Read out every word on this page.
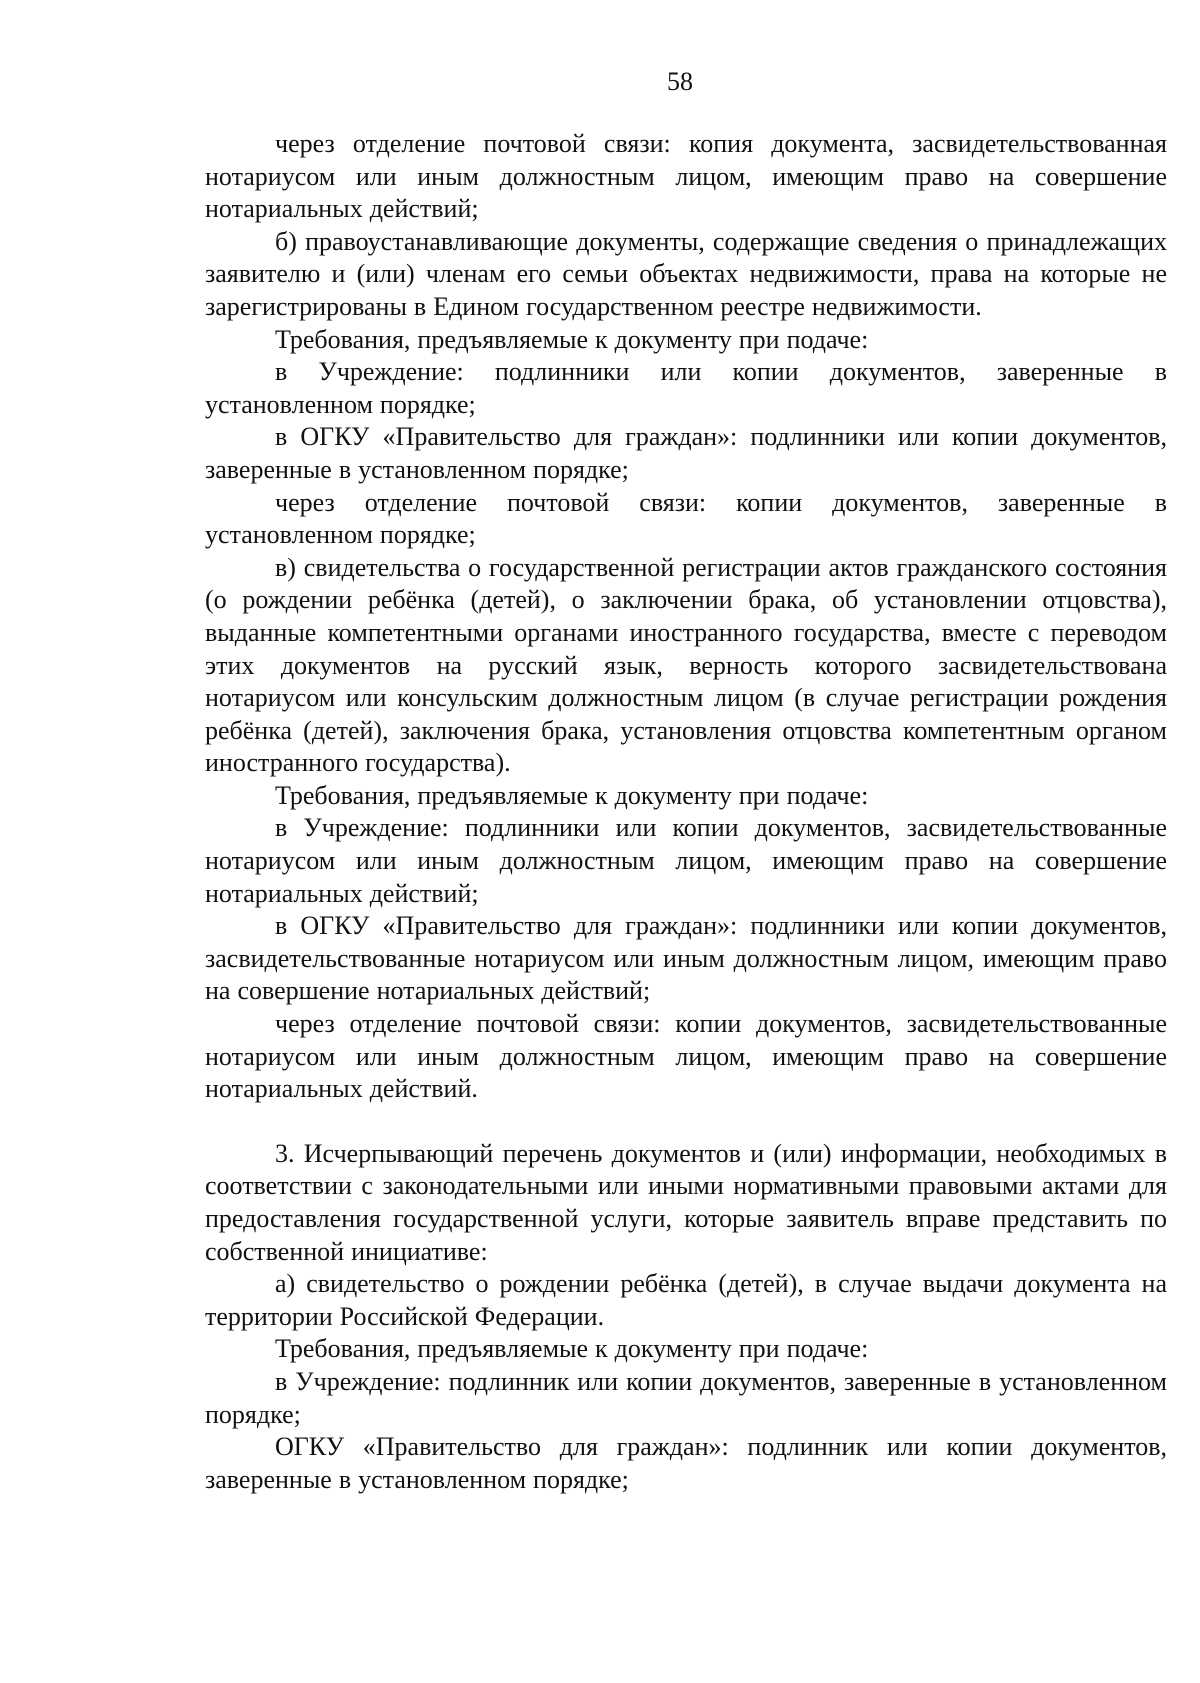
58

через отделение почтовой связи: копия документа, засвидетельствованная нотариусом или иным должностным лицом, имеющим право на совершение нотариальных действий;

б) правоустанавливающие документы, содержащие сведения о принадлежащих заявителю и (или) членам его семьи объектах недвижимости, права на которые не зарегистрированы в Едином государственном реестре недвижимости.

Требования, предъявляемые к документу при подаче:

в Учреждение: подлинники или копии документов, заверенные в установленном порядке;

в ОГКУ «Правительство для граждан»: подлинники или копии документов, заверенные в установленном порядке;

через отделение почтовой связи: копии документов, заверенные в установленном порядке;

в) свидетельства о государственной регистрации актов гражданского состояния (о рождении ребёнка (детей), о заключении брака, об установлении отцовства), выданные компетентными органами иностранного государства, вместе с переводом этих документов на русский язык, верность которого засвидетельствована нотариусом или консульским должностным лицом (в случае регистрации рождения ребёнка (детей), заключения брака, установления отцовства компетентным органом иностранного государства).

Требования, предъявляемые к документу при подаче:

в Учреждение: подлинники или копии документов, засвидетельствованные нотариусом или иным должностным лицом, имеющим право на совершение нотариальных действий;

в ОГКУ «Правительство для граждан»: подлинники или копии документов, засвидетельствованные нотариусом или иным должностным лицом, имеющим право на совершение нотариальных действий;

через отделение почтовой связи: копии документов, засвидетельствованные нотариусом или иным должностным лицом, имеющим право на совершение нотариальных действий.

3. Исчерпывающий перечень документов и (или) информации, необходимых в соответствии с законодательными или иными нормативными правовыми актами для предоставления государственной услуги, которые заявитель вправе представить по собственной инициативе:

а) свидетельство о рождении ребёнка (детей), в случае выдачи документа на территории Российской Федерации.

Требования, предъявляемые к документу при подаче:

в Учреждение: подлинник или копии документов, заверенные в установленном порядке;

ОГКУ «Правительство для граждан»: подлинник или копии документов, заверенные в установленном порядке;
